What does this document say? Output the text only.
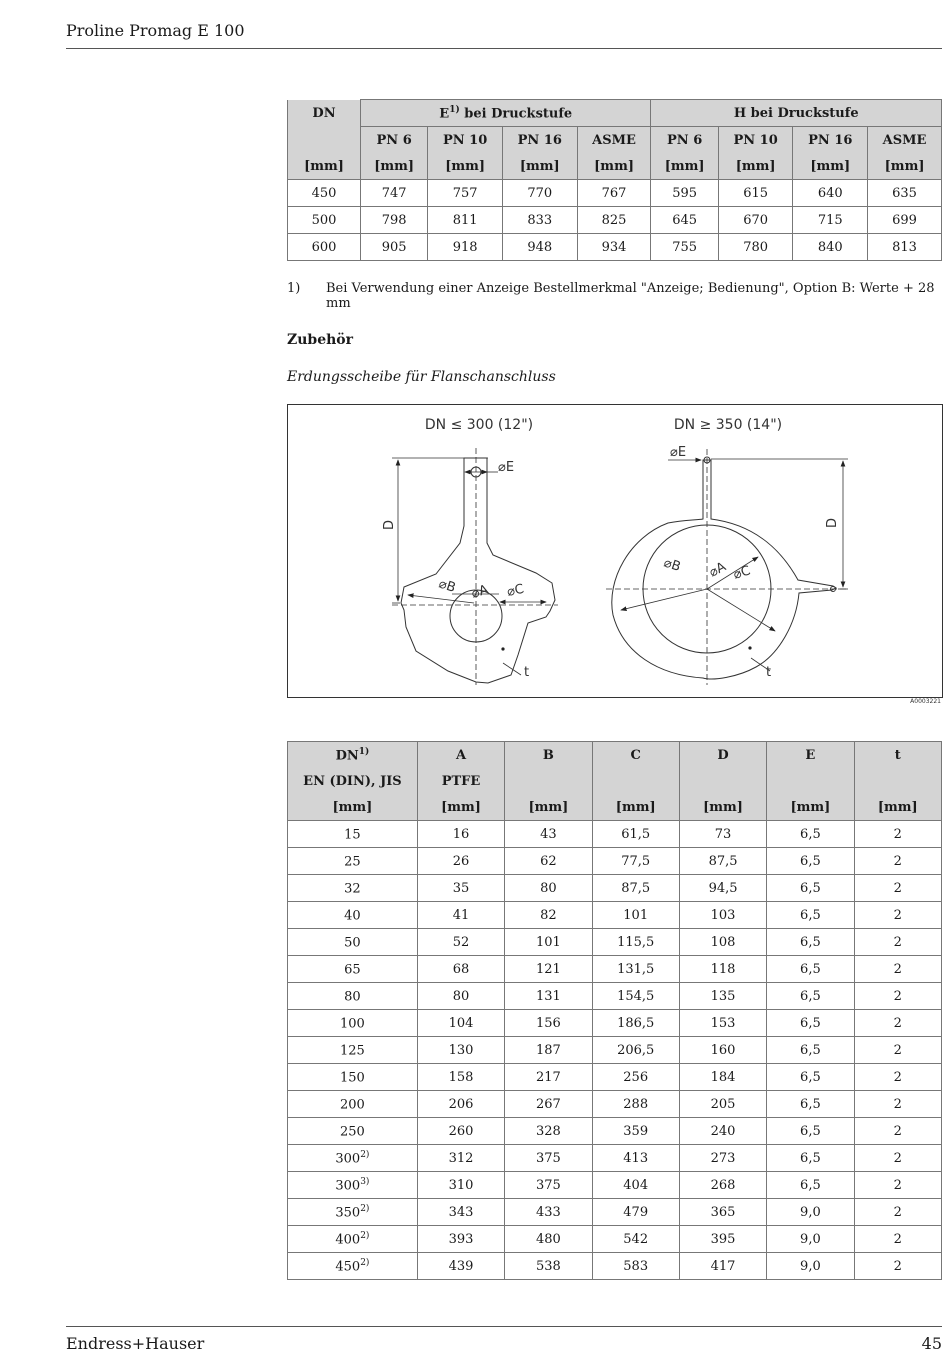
Proline Promag E 100
DN	$E^{1)}$ bei Druckstufe				H bei Druckstufe			
	PN 6	PN 10	PN 16	ASME	PN 6	PN 10	PN 16	ASME
[mm]	[mm]	[mm]	[mm]	[mm]	[mm]	[mm]	[mm]	[mm]
450	747	757	770	767	595	615	640	635
500	798	811	833	825	645	670	715	699
600	905	918	948	934	755	780	840	813
1) Bei Verwendung einer Anzeige Bestellmerkmal "Anzeige; Bedienung", Option B: Werte + 28 mm
Zubehör
Erdungsscheibe für Flanschanschluss
DN ≤ 300 (12")	DN ≥ 350 (14")
D
⌀E
⌀B ⌀A ⌀C
t
D
⌀E
⌀B ⌀A ⌀C
t
A0003221
DN$^{1)}$	A	B	C	D	E	t
EN (DIN), JIS	PTFE					
[mm]	[mm]	[mm]	[mm]	[mm]	[mm]	[mm]
15	16	43	61,5	73	6,5	2
25	26	62	77,5	87,5	6,5	2
32	35	80	87,5	94,5	6,5	2
40	41	82	101	103	6,5	2
50	52	101	115,5	108	6,5	2
65	68	121	131,5	118	6,5	2
80	80	131	154,5	135	6,5	2
100	104	156	186,5	153	6,5	2
125	130	187	206,5	160	6,5	2
150	158	217	256	184	6,5	2
200	206	267	288	205	6,5	2
250	260	328	359	240	6,5	2
300$^{2)}$	312	375	413	273	6,5	2
300$^{3)}$	310	375	404	268	6,5	2
350$^{2)}$	343	433	479	365	9,0	2
400$^{2)}$	393	480	542	395	9,0	2
450$^{2)}$	439	538	583	417	9,0	2
Endress+Hauser	45
